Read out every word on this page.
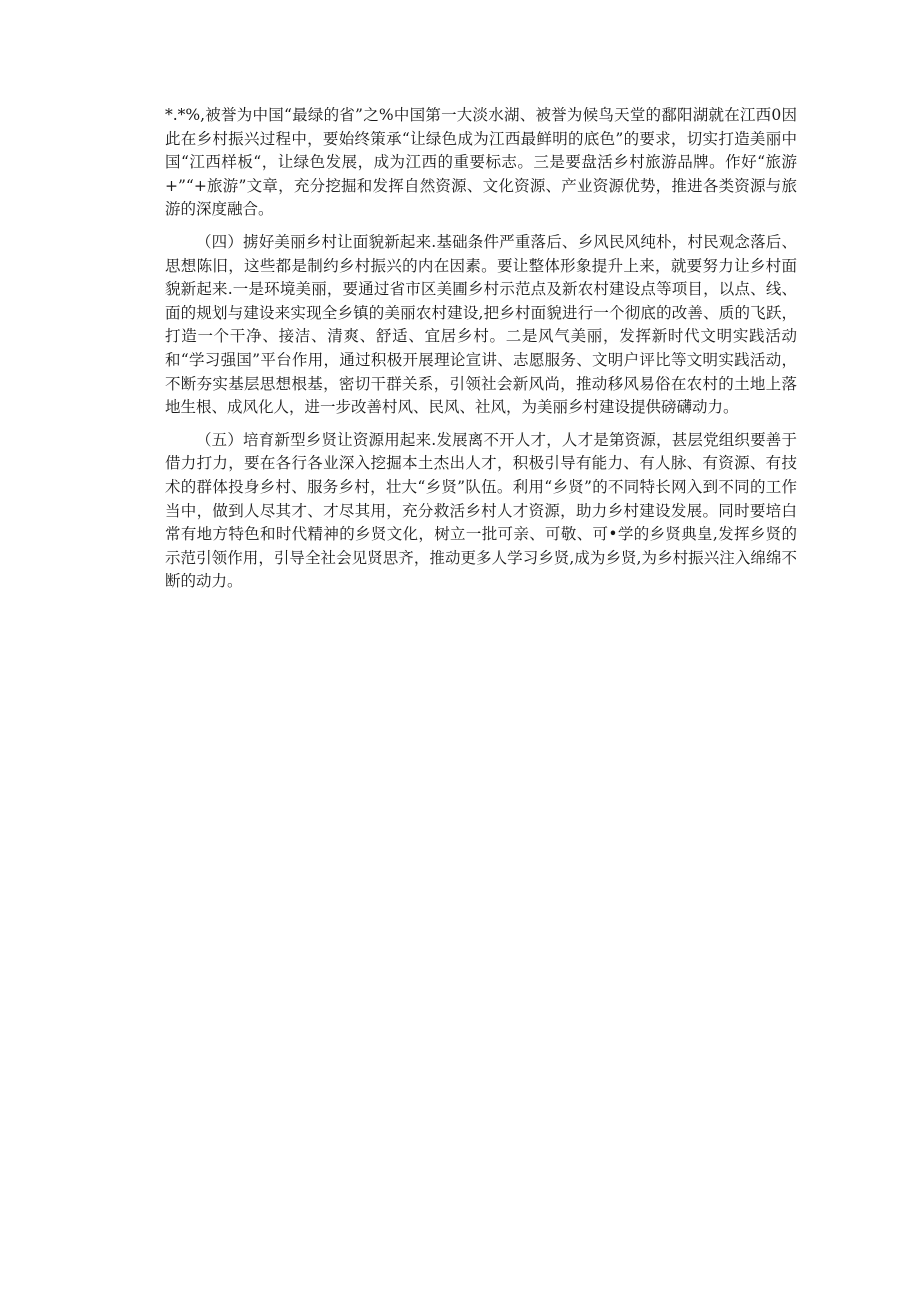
*.*%,被誉为中国“最绿的省”之%中国第一大淡水湖、被誉为候鸟天堂的鄱阳湖就在江西0因此在乡村振兴过程中，要始终策承“让绿色成为江西最鲜明的底色”的要求，切实打造美丽中国“江西样板“，让绿色发展，成为江西的重要标志。三是要盘活乡村旅游品牌。作好“旅游+”“+旅游”文章，充分挖掘和发挥自然资源、文化资源、产业资源优势，推进各类资源与旅游的深度融合。

（四）掳好美丽乡村让面貌新起来.基础条件严重落后、乡风民风纯朴，村民观念落后、思想陈旧，这些都是制约乡村振兴的内在因素。要让整体形象提升上来，就要努力让乡村面貌新起来.一是环境美丽，要通过省市区美圃乡村示范点及新农村建设点等项目，以点、线、面的规划与建设来实现全乡镇的美丽农村建设,把乡村面貌进行一个彻底的改善、质的飞跃，打造一个干净、接洁、清爽、舒适、宜居乡村。二是风气美丽，发挥新时代文明实践活动和“学习强国”平台作用，通过积极开展理论宣讲、志愿服务、文明户评比等文明实践活动，不断夯实基层思想根基，密切干群关系，引领社会新风尚，推动移风易俗在农村的土地上落地生根、成风化人，进一步改善村风、民风、社风，为美丽乡村建设提供磅礴动力。

（五）培育新型乡贤让资源用起来.发展离不开人才，人才是第资源，甚层党组织要善于借力打力，要在各行各业深入挖掘本土杰出人才，积极引导有能力、有人脉、有资源、有技术的群体投身乡村、服务乡村，壮大“乡贤”队伍。利用“乡贤”的不同特长网入到不同的工作当中，做到人尽其才、才尽其用，充分救活乡村人才资源，助力乡村建设发展。同时要培白常有地方特色和时代精神的乡贤文化，树立一批可亲、可敬、可•学的乡贤典皇,发挥乡贤的示范引领作用，引导全社会见贤思齐，推动更多人学习乡贤,成为乡贤,为乡村振兴注入绵绵不断的动力。
